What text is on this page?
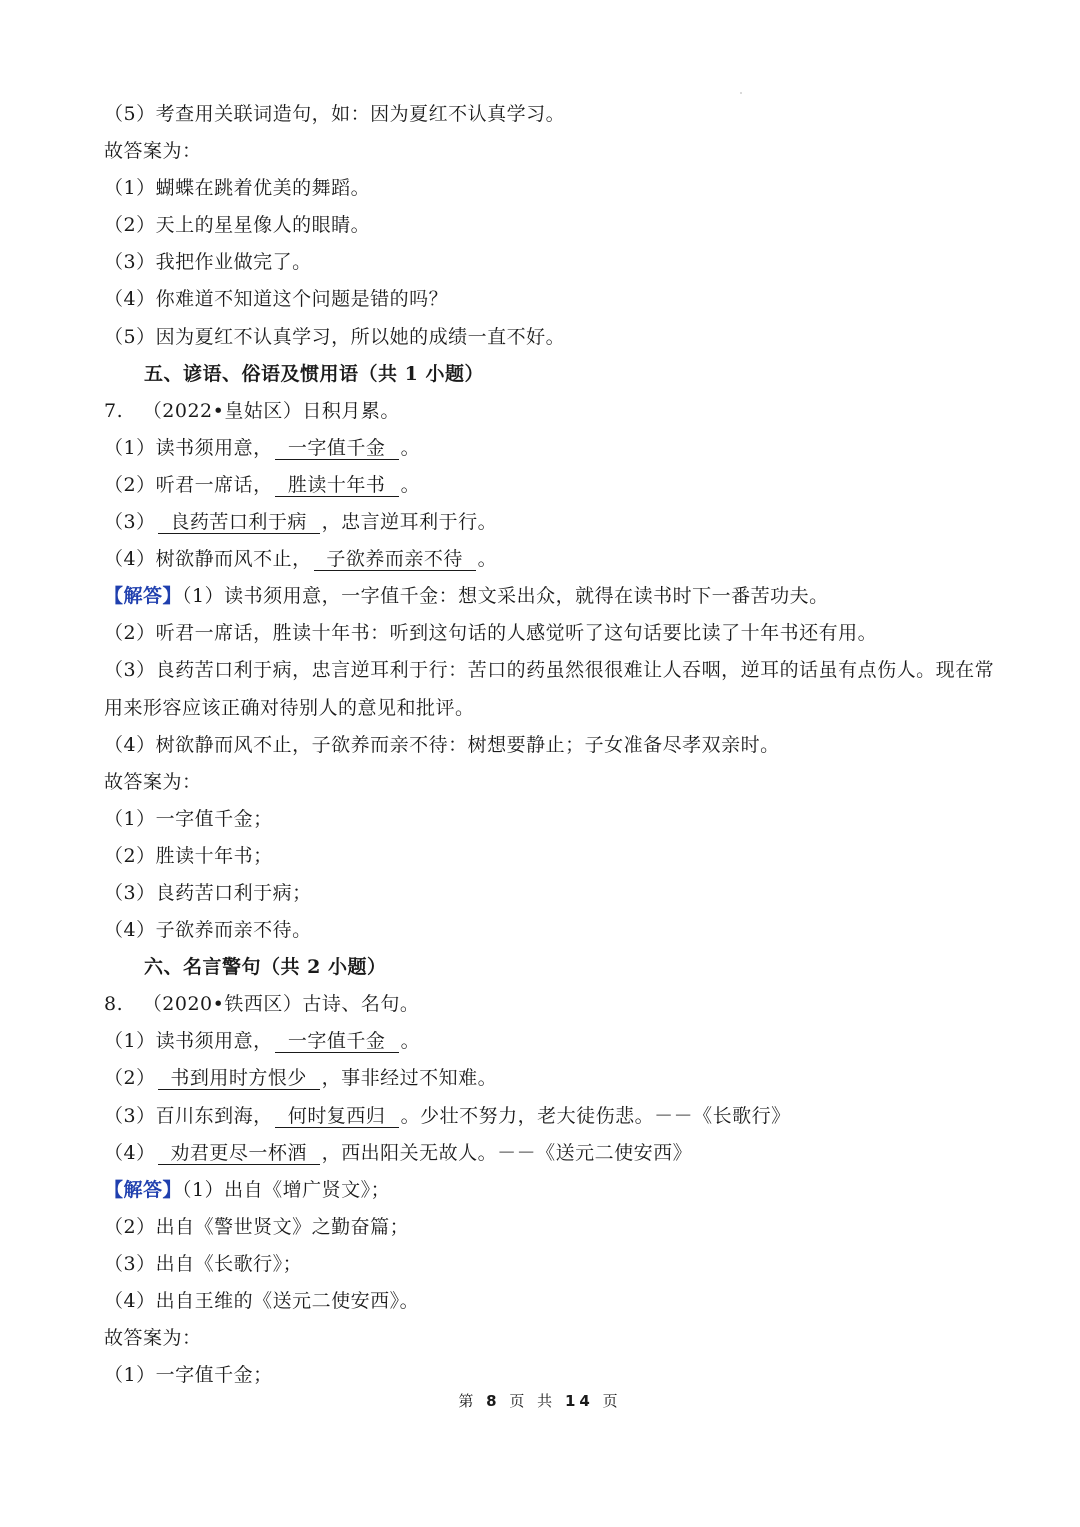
（5）考查用关联词造句，如：因为夏红不认真学习。
故答案为：
（1）蝴蝶在跳着优美的舞蹈。
（2）天上的星星像人的眼睛。
（3）我把作业做完了。
（4）你难道不知道这个问题是错的吗？
（5）因为夏红不认真学习，所以她的成绩一直不好。
五、谚语、俗语及惯用语（共 1 小题）
7. （2022•皇姑区）日积月累。
（1）读书须用意， 一字值千金 。
（2）听君一席话， 胜读十年书 。
（3） 良药苦口利于病 ，忠言逆耳利于行。
（4）树欲静而风不止， 子欲养而亲不待 。
【解答】（1）读书须用意，一字值千金：想文采出众，就得在读书时下一番苦功夫。
（2）听君一席话，胜读十年书：听到这句话的人感觉听了这句话要比读了十年书还有用。
（3）良药苦口利于病，忠言逆耳利于行：苦口的药虽然很很难让人吞咽，逆耳的话虽有点伤人。现在常
用来形容应该正确对待别人的意见和批评。
（4）树欲静而风不止，子欲养而亲不待：树想要静止；子女准备尽孝双亲时。
故答案为：
（1）一字值千金；
（2）胜读十年书；
（3）良药苦口利于病；
（4）子欲养而亲不待。
六、名言警句（共 2 小题）
8. （2020•铁西区）古诗、名句。
（1）读书须用意， 一字值千金 。
（2） 书到用时方恨少 ，事非经过不知难。
（3）百川东到海， 何时复西归 。少壮不努力，老大徒伤悲。－－《长歌行》
（4） 劝君更尽一杯酒 ，西出阳关无故人。－－《送元二使安西》
【解答】（1）出自《增广贤文》；
（2）出自《警世贤文》之勤奋篇；
（3）出自《长歌行》；
（4）出自王维的《送元二使安西》。
故答案为：
（1）一字值千金；
第 8 页 共 14 页
